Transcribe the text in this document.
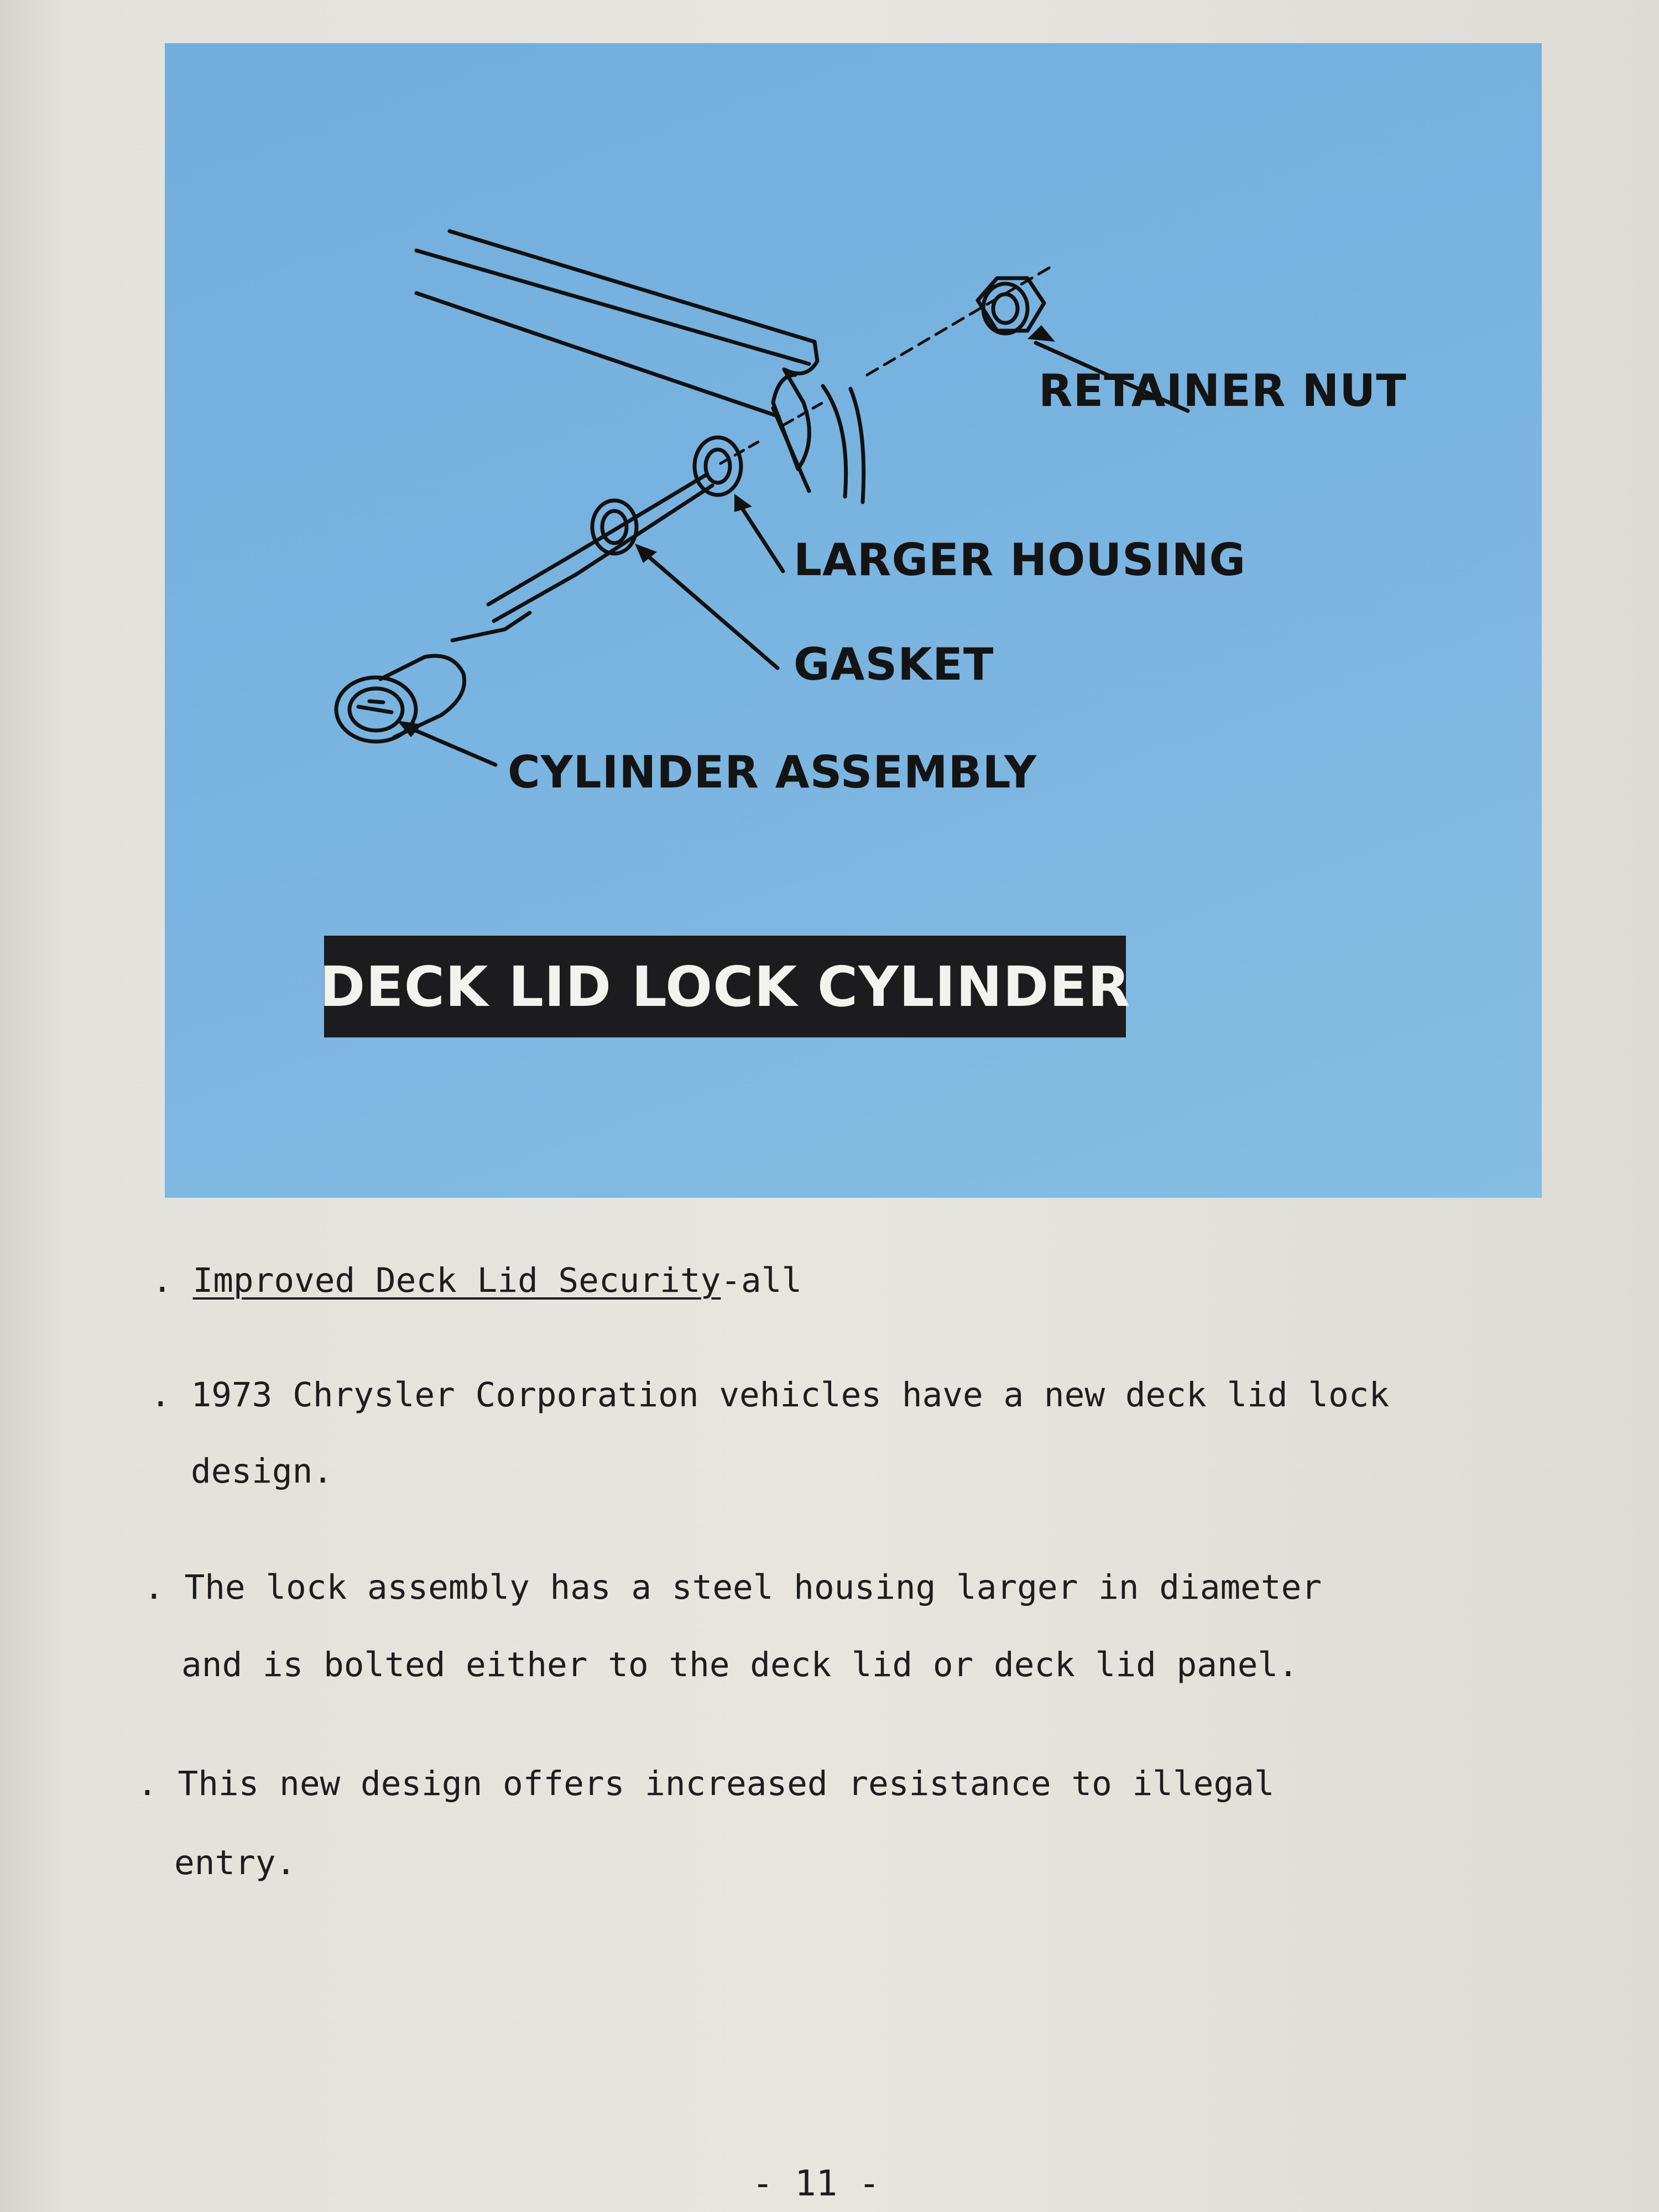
RETAINER NUT
LARGER HOUSING
GASKET
CYLINDER ASSEMBLY
DECK LID LOCK CYLINDER
. Improved Deck Lid Security-all
. 1973 Chrysler Corporation vehicles have a new deck lid lock
design.
. The lock assembly has a steel housing larger in diameter
and is bolted either to the deck lid or deck lid panel.
. This new design offers increased resistance to illegal
entry.
- 11 -
